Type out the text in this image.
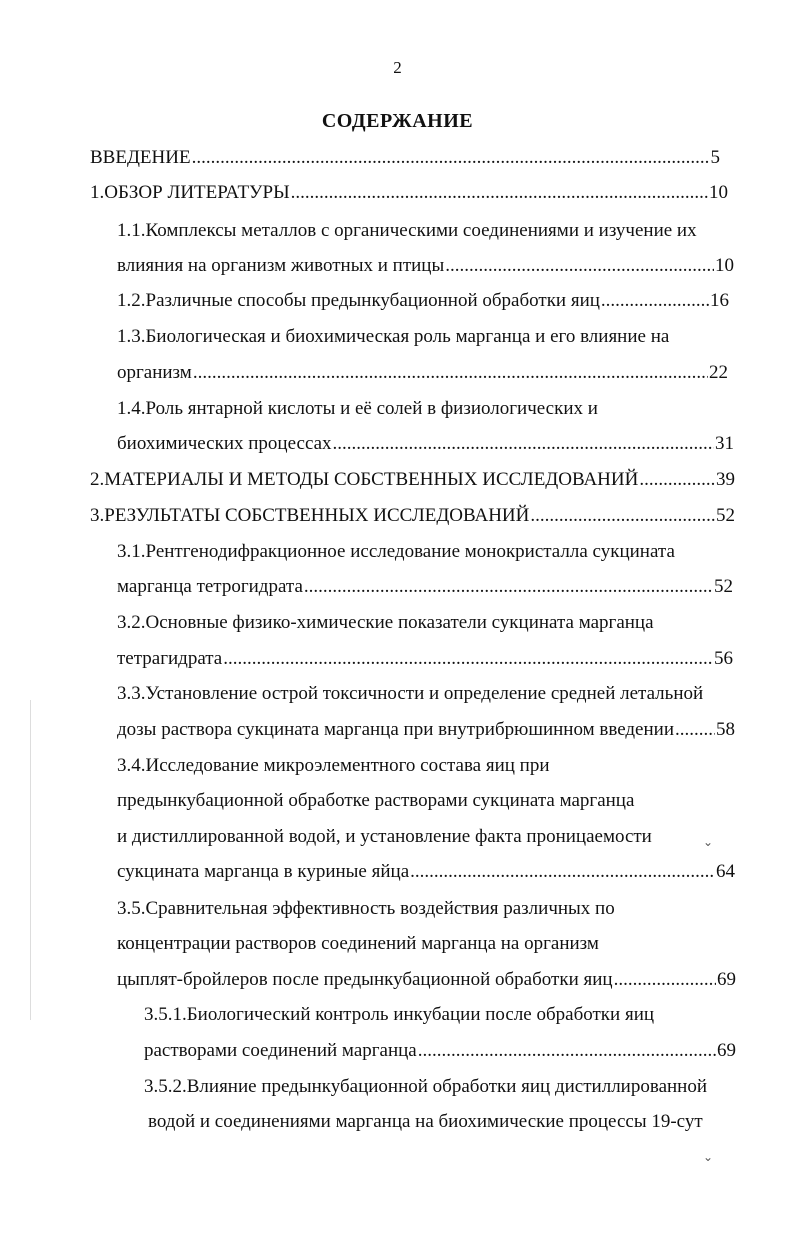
2
СОДЕРЖАНИЕ
ВВЕДЕНИЕ .....	5
1.ОБЗОР ЛИТЕРАТУРЫ .....	10
1.1.Комплексы металлов с органическими соединениями и изучение их
влияния на организм животных и птицы .....	10
1.2.Различные способы предынкубационной обработки яиц .....	16
1.3.Биологическая и биохимическая роль марганца и его влияние на
организм .....	22
1.4.Роль янтарной кислоты и её солей в физиологических и
биохимических процессах .....	31
2.МАТЕРИАЛЫ И МЕТОДЫ СОБСТВЕННЫХ ИССЛЕДОВАНИЙ .....	39
3.РЕЗУЛЬТАТЫ СОБСТВЕННЫХ ИССЛЕДОВАНИЙ .....	52
3.1.Рентгенодифракционное исследование монокристалла сукцината
марганца тетрогидрата .....	52
3.2.Основные физико-химические показатели сукцината марганца
тетрагидрата .....	56
3.3.Установление острой токсичности и определение средней летальной
дозы раствора сукцината марганца при внутрибрюшинном введении ..... 58
3.4.Исследование микроэлементного состава яиц при
предынкубационной обработке растворами сукцината марганца
и дистиллированной водой, и установление факта проницаемости
сукцината марганца в куриные яйца .....	64
3.5.Сравнительная эффективность воздействия различных по
концентрации растворов соединений марганца на организм
цыплят-бройлеров после предынкубационной обработки яиц .....	69
3.5.1.Биологический контроль инкубации после обработки яиц
растворами соединений марганца .....	69
3.5.2.Влияние предынкубационной обработки яиц дистиллированной
водой и соединениями марганца на биохимические процессы 19-сут
⌄
⌄
